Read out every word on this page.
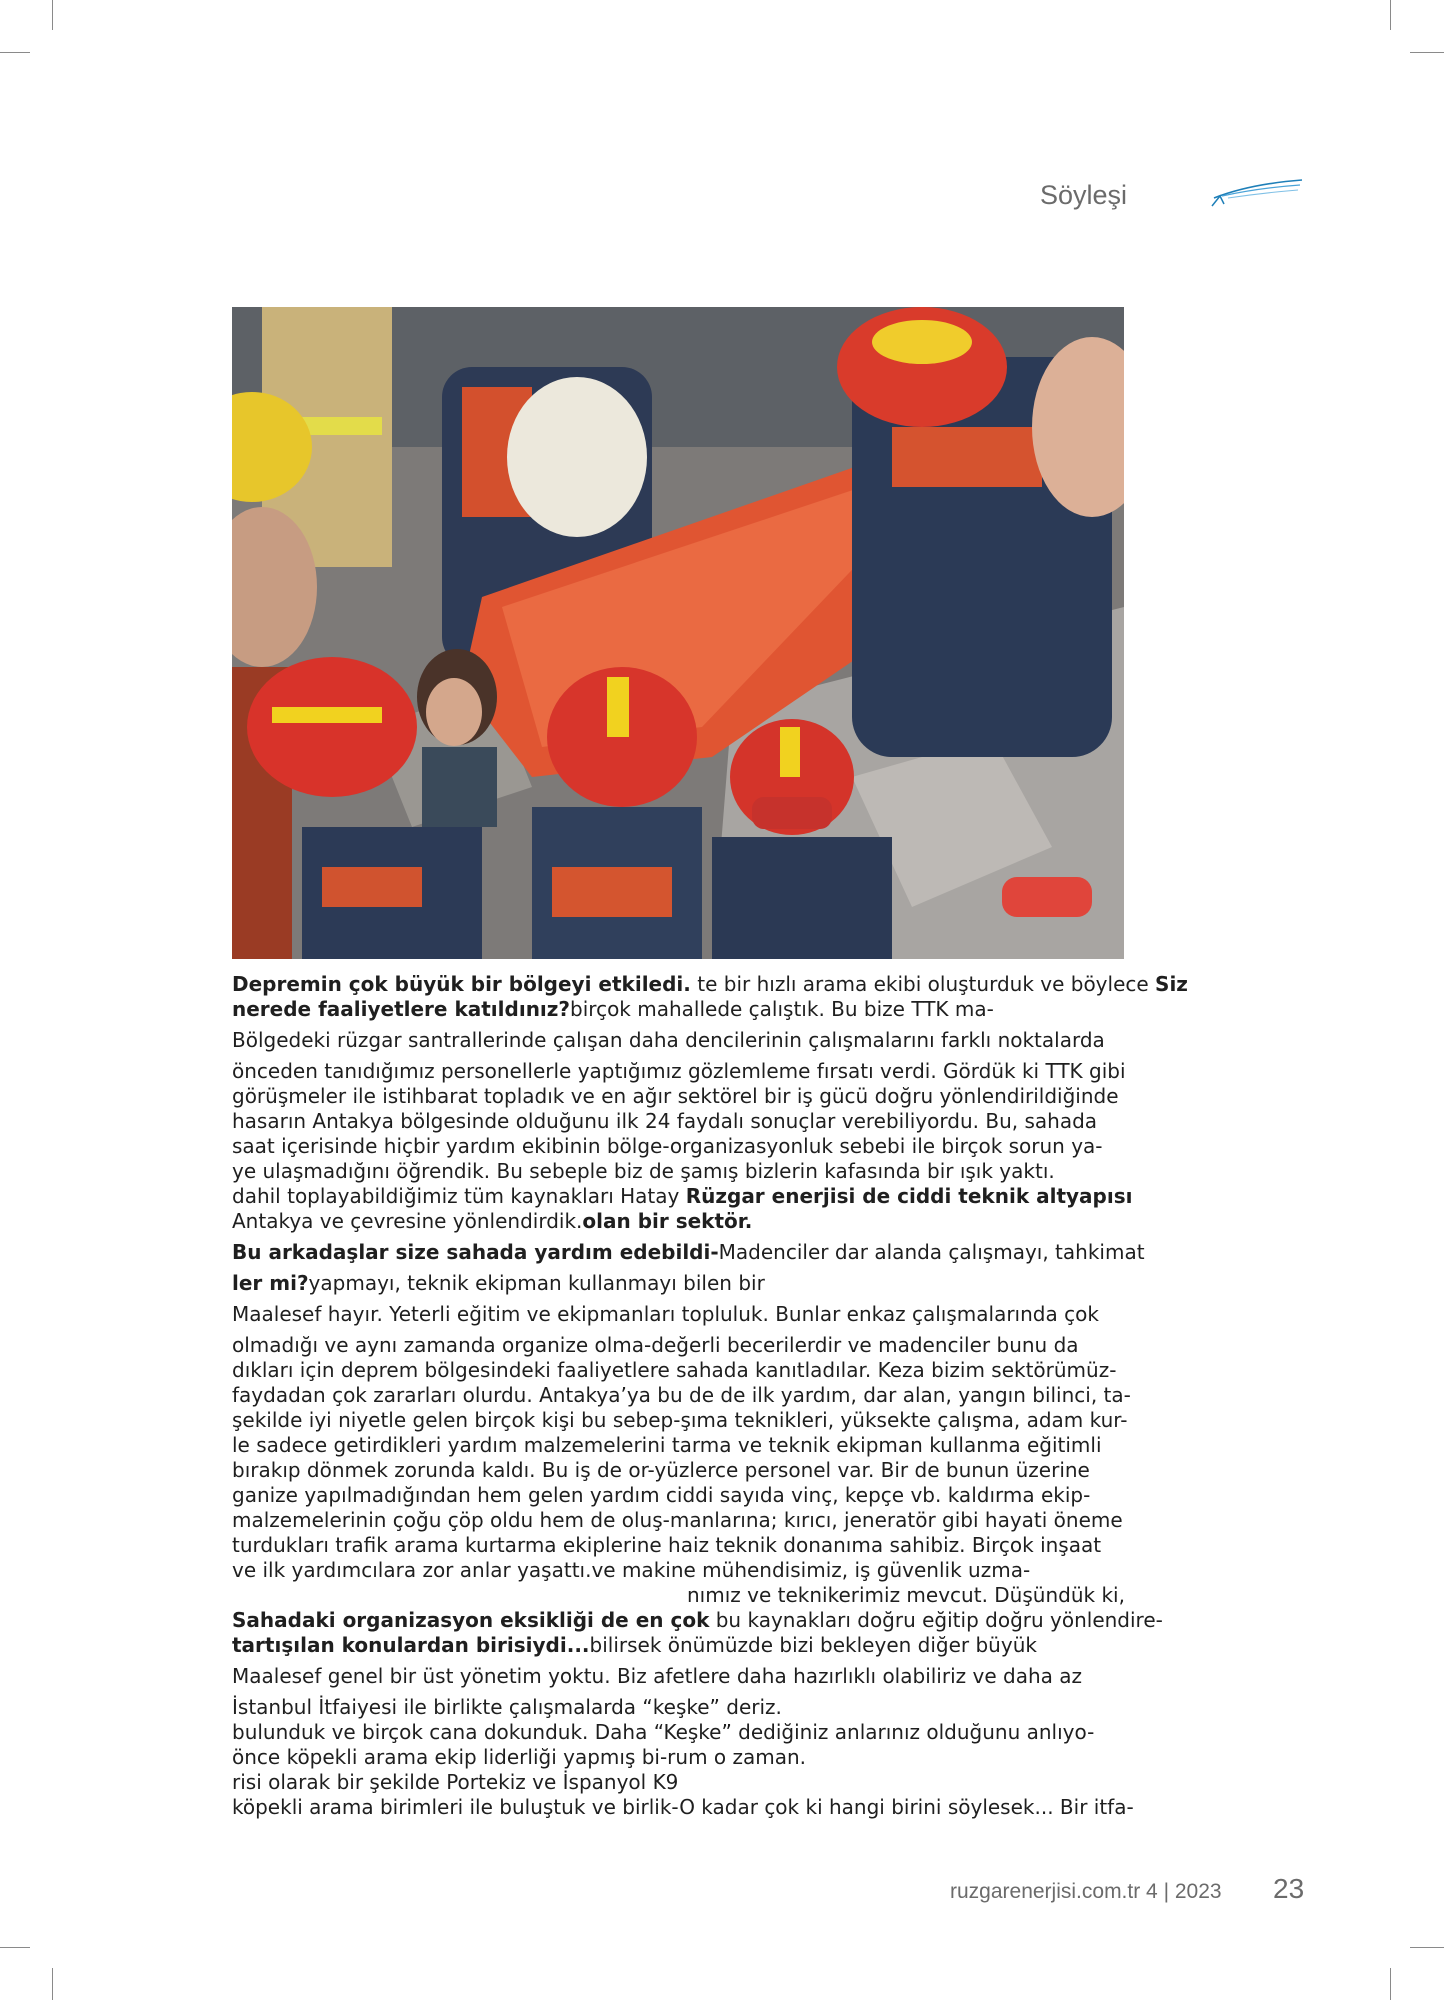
Söyleşi

Depremin çok büyük bir bölgeyi etkiledi. te bir hızlı arama ekibi oluşturduk ve böylece Siz

nerede faaliyetlere katıldınız?birçok mahallede çalıştık. Bu bize TTK ma-

Bölgedeki rüzgar santrallerinde çalışan daha dencilerinin çalışmalarını farklı noktalarda

önceden tanıdığımız personellerle yaptığımız gözlemleme fırsatı verdi. Gördük ki TTK gibi

görüşmeler ile istihbarat topladık ve en ağır sektörel bir iş gücü doğru yönlendirildiğinde

hasarın Antakya bölgesinde olduğunu ilk 24 faydalı sonuçlar verebiliyordu. Bu, sahada

saat içerisinde hiçbir yardım ekibinin bölge-organizasyonluk sebebi ile birçok sorun ya-

ye ulaşmadığını öğrendik. Bu sebeple biz de şamış bizlerin kafasında bir ışık yaktı.

dahil toplayabildiğimiz tüm kaynakları Hatay Rüzgar enerjisi de ciddi teknik altyapısı

Antakya ve çevresine yönlendirdik.olan bir sektör.

Bu arkadaşlar size sahada yardım edebildi-Madenciler dar alanda çalışmayı, tahkimat

ler mi?yapmayı, teknik ekipman kullanmayı bilen bir

Maalesef hayır. Yeterli eğitim ve ekipmanları topluluk. Bunlar enkaz çalışmalarında çok

olmadığı ve aynı zamanda organize olma-değerli becerilerdir ve madenciler bunu da

dıkları için deprem bölgesindeki faaliyetlere sahada kanıtladılar. Keza bizim sektörümüz-

faydadan çok zararları olurdu. Antakya’ya bu de de ilk yardım, dar alan, yangın bilinci, ta-

şekilde iyi niyetle gelen birçok kişi bu sebep-şıma teknikleri, yüksekte çalışma, adam kur-

le sadece getirdikleri yardım malzemelerini tarma ve teknik ekipman kullanma eğitimli

bırakıp dönmek zorunda kaldı. Bu iş de or-yüzlerce personel var. Bir de bunun üzerine

ganize yapılmadığından hem gelen yardım ciddi sayıda vinç, kepçe vb. kaldırma ekip-

malzemelerinin çoğu çöp oldu hem de oluş-manlarına; kırıcı, jeneratör gibi hayati öneme

turdukları trafik arama kurtarma ekiplerine haiz teknik donanıma sahibiz. Birçok inşaat

ve ilk yardımcılara zor anlar yaşattı.ve makine mühendisimiz, iş güvenlik uzma-

nımız ve teknikerimiz mevcut. Düşündük ki,

Sahadaki organizasyon eksikliği de en çok bu kaynakları doğru eğitip doğru yönlendire-

tartışılan konulardan birisiydi...bilirsek önümüzde bizi bekleyen diğer büyük

Maalesef genel bir üst yönetim yoktu. Biz afetlere daha hazırlıklı olabiliriz ve daha az

İstanbul İtfaiyesi ile birlikte çalışmalarda “keşke” deriz.

bulunduk ve birçok cana dokunduk. Daha “Keşke” dediğiniz anlarınız olduğunu anlıyo-

önce köpekli arama ekip liderliği yapmış bi-rum o zaman.

risi olarak bir şekilde Portekiz ve İspanyol K9

köpekli arama birimleri ile buluştuk ve birlik-O kadar çok ki hangi birini söylesek... Bir itfa-

ruzgarenerjisi.com.tr 4 | 2023 23
